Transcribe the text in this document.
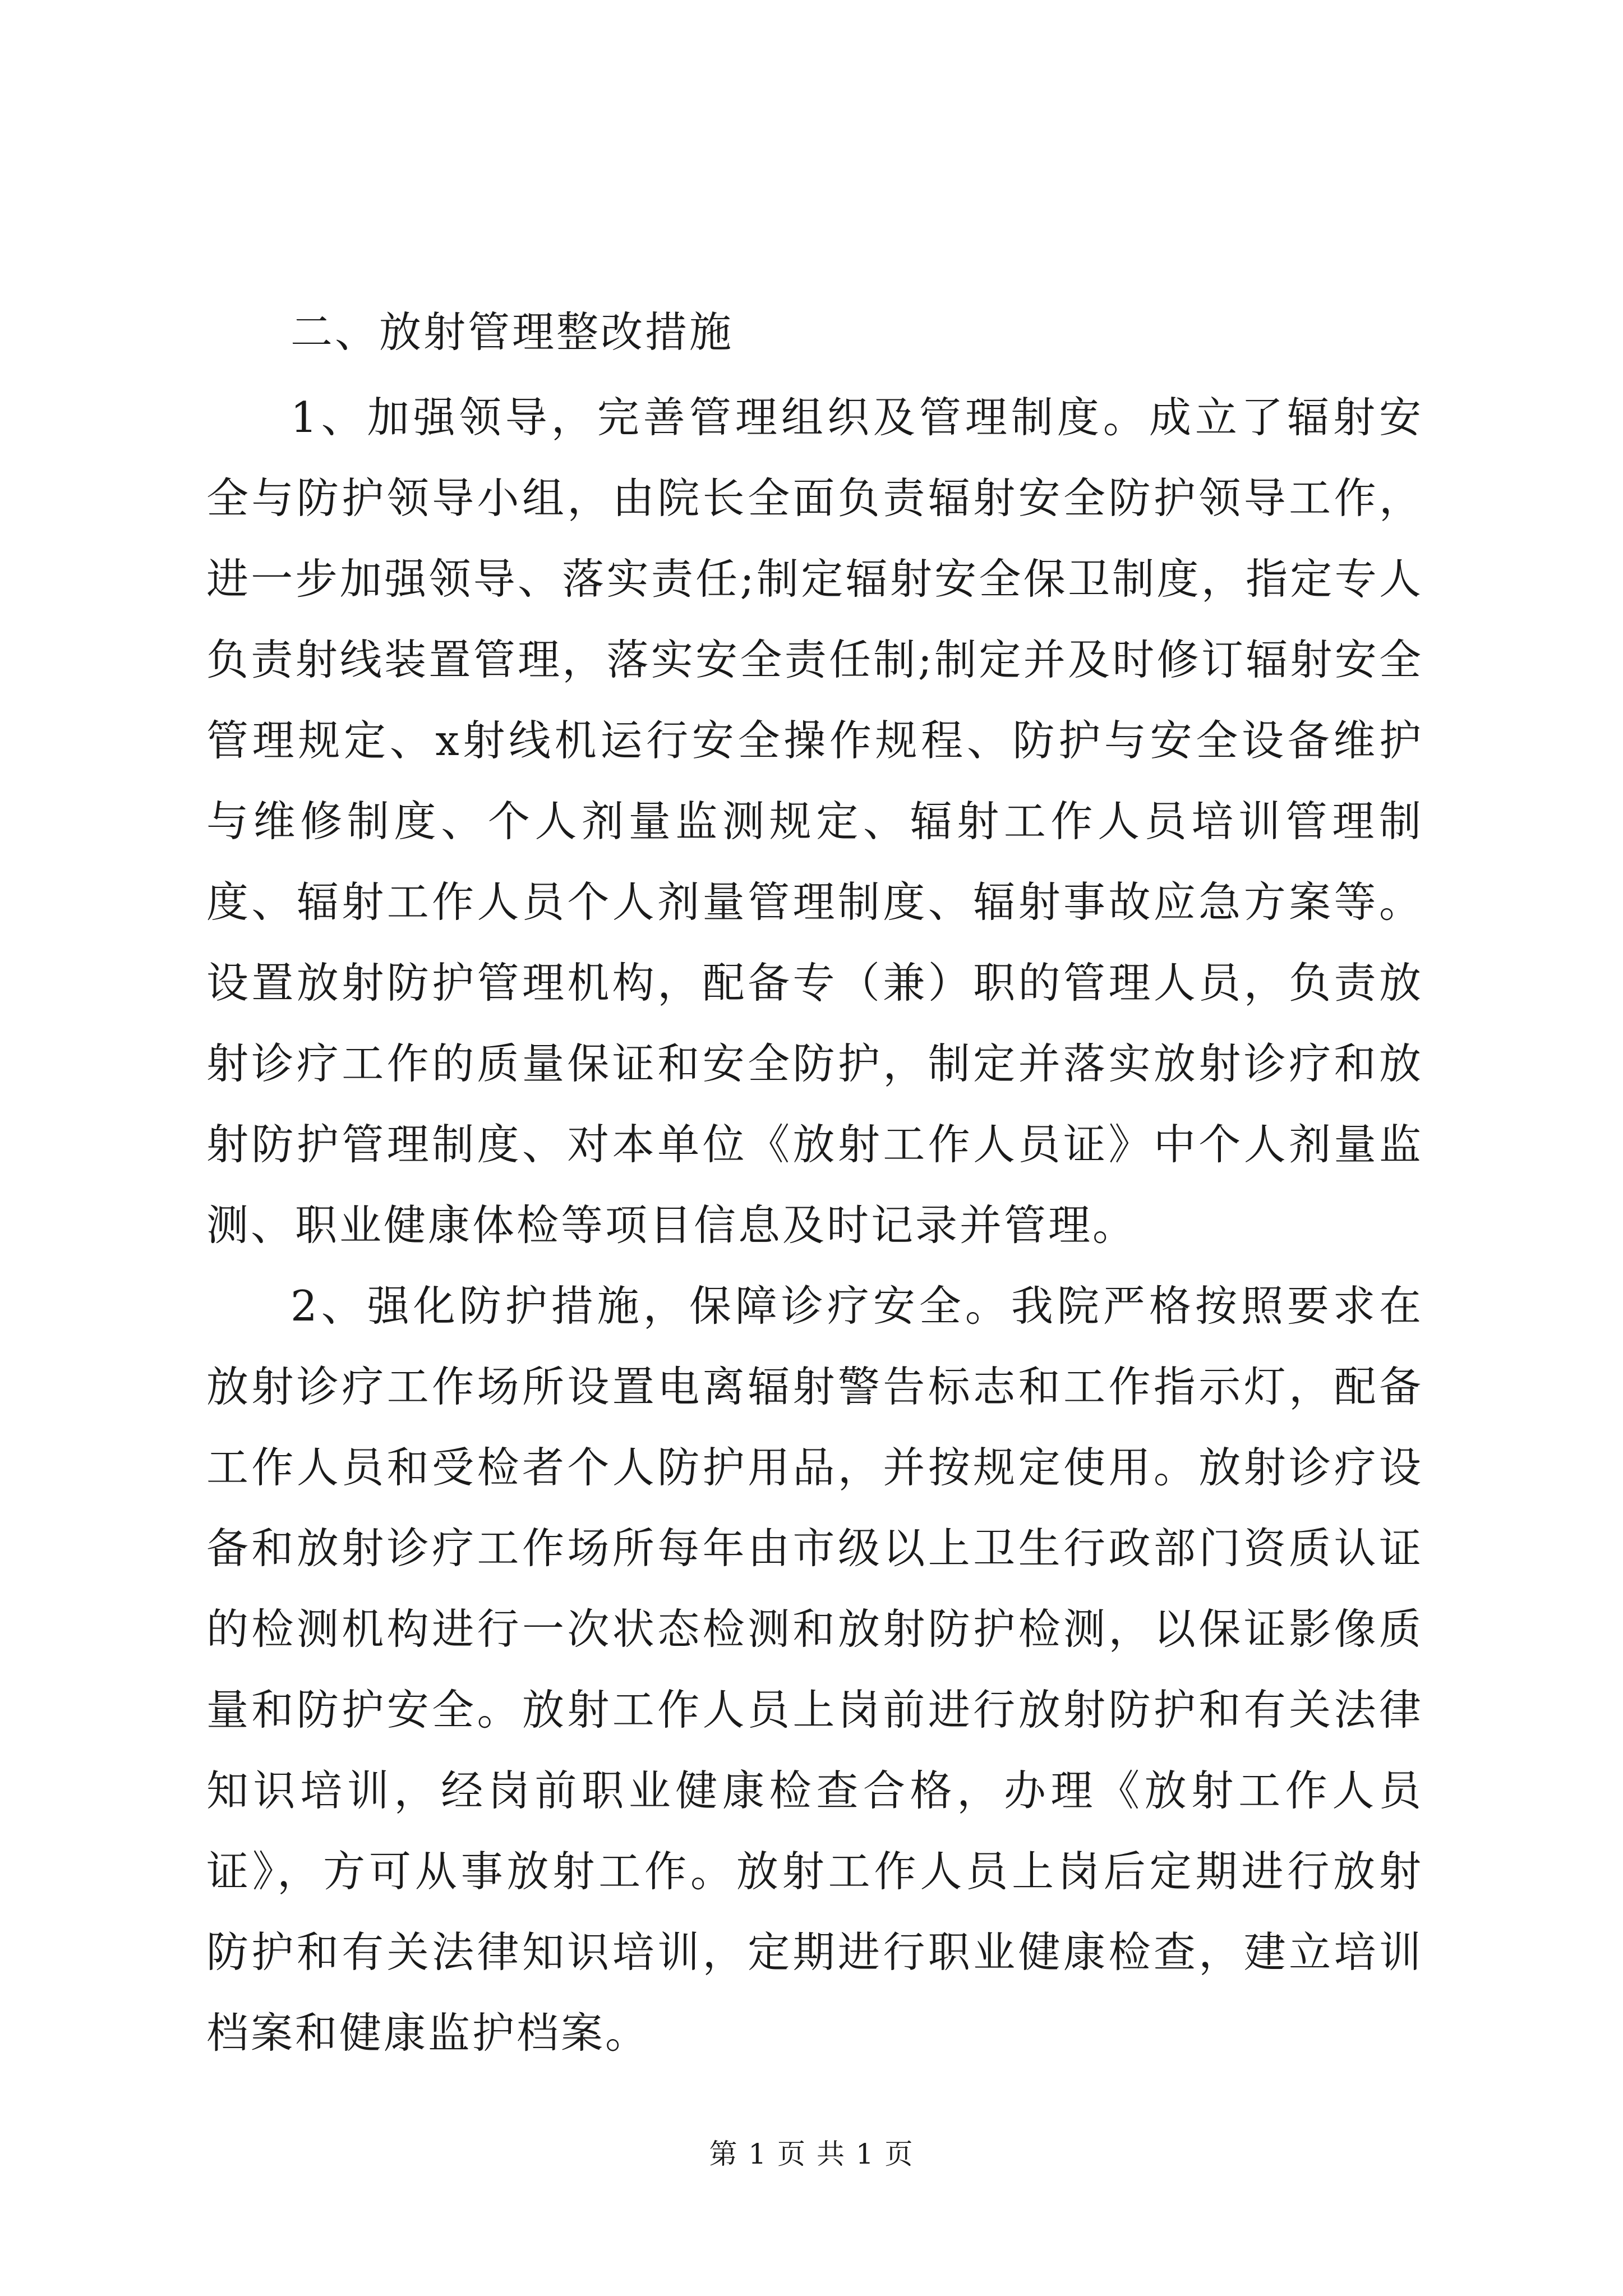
二、放射管理整改措施

1、加强领导，完善管理组织及管理制度。成立了辐射安全与防护领导小组，由院长全面负责辐射安全防护领导工作，进一步加强领导、落实责任;制定辐射安全保卫制度，指定专人负责射线装置管理，落实安全责任制;制定并及时修订辐射安全管理规定、x射线机运行安全操作规程、防护与安全设备维护与维修制度、个人剂量监测规定、辐射工作人员培训管理制度、辐射工作人员个人剂量管理制度、辐射事故应急方案等。设置放射防护管理机构，配备专（兼）职的管理人员，负责放射诊疗工作的质量保证和安全防护，制定并落实放射诊疗和放射防护管理制度、对本单位《放射工作人员证》中个人剂量监测、职业健康体检等项目信息及时记录并管理。

2、强化防护措施，保障诊疗安全。我院严格按照要求在放射诊疗工作场所设置电离辐射警告标志和工作指示灯，配备工作人员和受检者个人防护用品，并按规定使用。放射诊疗设备和放射诊疗工作场所每年由市级以上卫生行政部门资质认证的检测机构进行一次状态检测和放射防护检测，以保证影像质量和防护安全。放射工作人员上岗前进行放射防护和有关法律知识培训，经岗前职业健康检查合格，办理《放射工作人员证》，方可从事放射工作。放射工作人员上岗后定期进行放射防护和有关法律知识培训，定期进行职业健康检查，建立培训档案和健康监护档案。

第 1 页 共 1 页
